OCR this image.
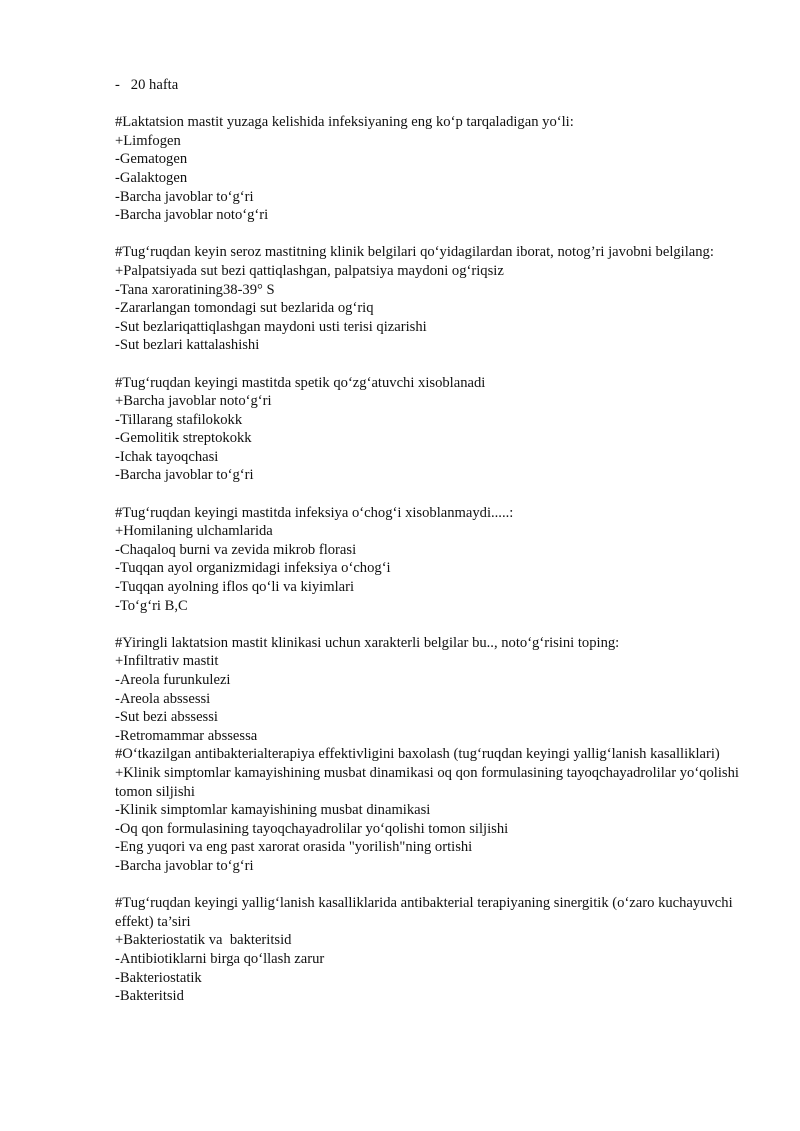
-   20 hafta

#Laktatsion mastit yuzaga kelishida infeksiyaning eng ko‘p tarqaladigan yo‘li:

+Limfogen

-Gematogen

-Galaktogen

-Barcha javoblar to‘g‘ri

-Barcha javoblar noto‘g‘ri

#Tug‘ruqdan keyin seroz mastitning klinik belgilari qo‘yidagilardan iborat, notog’ri javobni belgilang:

+Palpatsiyada sut bezi qattiqlashgan, palpatsiya maydoni og‘riqsiz

-Tana xaroratining38-39° S

-Zararlangan tomondagi sut bezlarida og‘riq

-Sut bezlariqattiqlashgan maydoni usti terisi qizarishi

-Sut bezlari kattalashishi

#Tug‘ruqdan keyingi mastitda spetik qo‘zg‘atuvchi xisoblanadi

+Barcha javoblar noto‘g‘ri

-Tillarang stafilokokk

-Gemolitik streptokokk

-Ichak tayoqchasi

-Barcha javoblar to‘g‘ri

#Tug‘ruqdan keyingi mastitda infeksiya o‘chog‘i xisoblanmaydi.....:

+Homilaning ulchamlarida

-Chaqaloq burni va zevida mikrob florasi

-Tuqqan ayol organizmidagi infeksiya o‘chog‘i

-Tuqqan ayolning iflos qo‘li va kiyimlari

-To‘g‘ri B,C

#Yiringli laktatsion mastit klinikasi uchun xarakterli belgilar bu.., noto‘g‘risini toping:

+Infiltrativ mastit

-Areola furunkulezi

-Areola abssessi

-Sut bezi abssessi

-Retromammar abssessa

#O‘tkazilgan antibakterialterapiya effektivligini baxolash (tug‘ruqdan keyingi yallig‘lanish kasalliklari)

+Klinik simptomlar kamayishining musbat dinamikasi oq qon formulasining tayoqchayadrolilar yo‘qolishi tomon siljishi

-Klinik simptomlar kamayishining musbat dinamikasi

-Oq qon formulasining tayoqchayadrolilar yo‘qolishi tomon siljishi

-Eng yuqori va eng past xarorat orasida "yorilish"ning ortishi

-Barcha javoblar to‘g‘ri

#Tug‘ruqdan keyingi yallig‘lanish kasalliklarida antibakterial terapiyaning sinergitik (o‘zaro kuchayuvchi effekt) ta’siri

+Bakteriostatik va  bakteritsid

-Antibiotiklarni birga qo‘llash zarur

-Bakteriostatik

-Bakteritsid
